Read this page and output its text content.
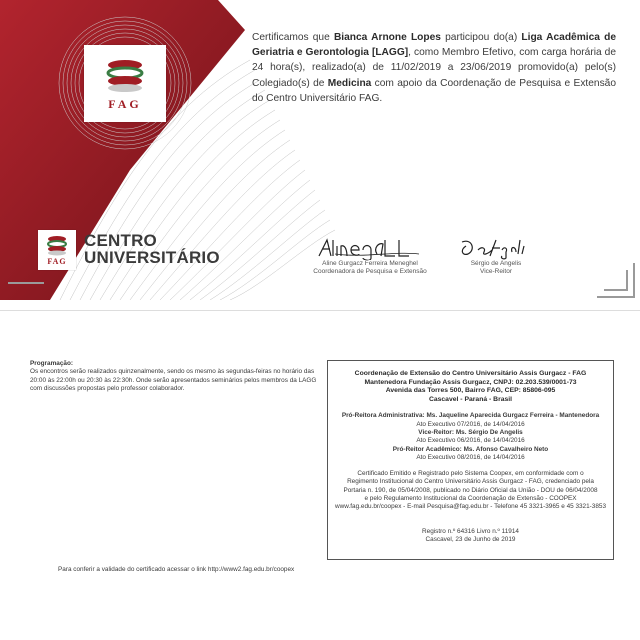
FAG
FAG
CENTRO
UNIVERSITÁRIO
Certificamos que Bianca Arnone Lopes participou do(a) Liga Acadêmica de Geriatria e Gerontologia [LAGG], como Membro Efetivo, com carga horária de 24 hora(s), realizado(a) de 11/02/2019 a 23/06/2019 promovido(a) pelo(s) Colegiado(s) de Medicina com apoio da Coordenação de Pesquisa e Extensão do Centro Universitário FAG.
Aline Gurgacz Ferreira Meneghel
Coordenadora de Pesquisa e Extensão
Sérgio de Angelis
Vice-Reitor
Programação:
Os encontros serão realizados quinzenalmente, sendo os mesmo às segundas-feiras no horário das 20:00 às 22:00h ou 20:30 às 22:30h. Onde serão apresentados seminários pelos membros da LAGG com discussões propostas pelo professor colaborador.
Para conferir a validade do certificado acessar o link http://www2.fag.edu.br/coopex
Coordenação de Extensão do Centro Universitário Assis Gurgacz - FAG
Mantenedora Fundação Assis Gurgacz, CNPJ: 02.203.539/0001-73
Avenida das Torres 500, Bairro FAG, CEP: 85806-095
Cascavel - Paraná - Brasil
Pró-Reitora Administrativa: Ms. Jaqueline Aparecida Gurgacz Ferreira - Mantenedora
Ato Executivo 07/2016, de 14/04/2016
Vice-Reitor: Ms. Sérgio De Angelis
Ato Executivo 06/2016, de 14/04/2016
Pró-Reitor Acadêmico: Ms. Afonso Cavalheiro Neto
Ato Executivo 08/2016, de 14/04/2016
Certificado Emitido e Registrado pelo Sistema Coopex, em conformidade com o
Regimento Institucional do Centro Universitário Assis Gurgacz - FAG, credenciado pela
Portaria n. 190, de 05/04/2008, publicado no Diário Oficial da União - DOU de 06/04/2008
e pelo Regulamento Institucional da Coordenação de Extensão - COOPEX
www.fag.edu.br/coopex - E-mail Pesquisa@fag.edu.br - Telefone 45 3321-3965 e 45 3321-3853
Registro n.º 64316 Livro n.º 11914
Cascavel, 23 de Junho de 2019
